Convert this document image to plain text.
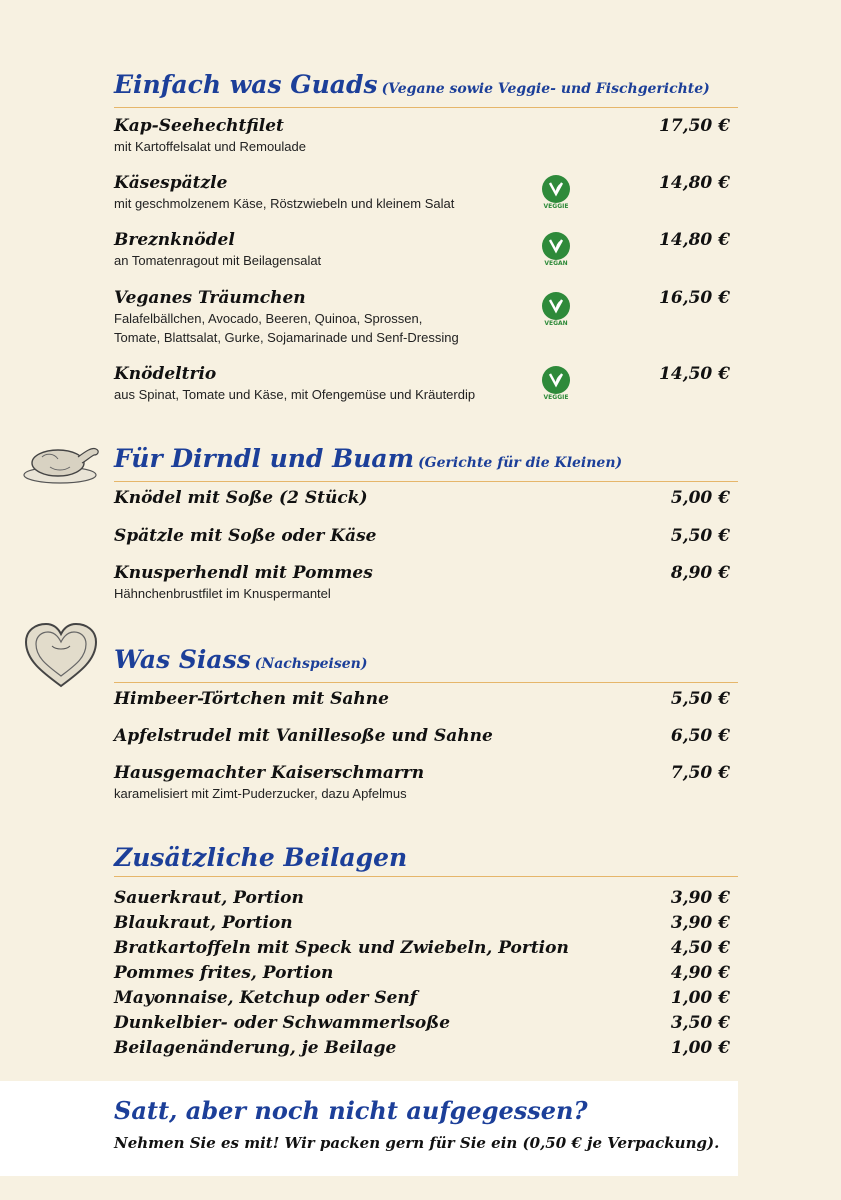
Einfach was Guads (Vegane sowie Veggie- und Fischgerichte)
Kap-Seehechtfilet
mit Kartoffelsalat und Remoulade
17,50 €
Käsespätzle
mit geschmolzenem Käse, Röstzwiebeln und kleinem Salat
14,80 €
VEGGIE
Breznknödel
an Tomatenragout mit Beilagensalat
14,80 €
VEGAN
Veganes Träumchen
Falafelbällchen, Avocado, Beeren, Quinoa, Sprossen,
Tomate, Blattsalat, Gurke, Sojamarinade und Senf-Dressing
16,50 €
VEGAN
Knödeltrio
aus Spinat, Tomate und Käse, mit Ofengemüse und Kräuterdip
14,50 €
VEGGIE
Für Dirndl und Buam (Gerichte für die Kleinen)
Knödel mit Soße (2 Stück)	5,00 €
Spätzle mit Soße oder Käse	5,50 €
Knusperhendl mit Pommes
Hähnchenbrustfilet im Knuspermantel
8,90 €
Was Siass (Nachspeisen)
Himbeer-Törtchen mit Sahne	5,50 €
Apfelstrudel mit Vanillesoße und Sahne	6,50 €
Hausgemachter Kaiserschmarrn
karamelisiert mit Zimt-Puderzucker, dazu Apfelmus
7,50 €
Zusätzliche Beilagen
Sauerkraut, Portion	3,90 €
Blaukraut, Portion	3,90 €
Bratkartoffeln mit Speck und Zwiebeln, Portion	4,50 €
Pommes frites, Portion	4,90 €
Mayonnaise, Ketchup oder Senf	1,00 €
Dunkelbier- oder Schwammerlsoße	3,50 €
Beilagenänderung, je Beilage	1,00 €
Satt, aber noch nicht aufgegessen?
Nehmen Sie es mit! Wir packen gern für Sie ein (0,50 € je Verpackung).
